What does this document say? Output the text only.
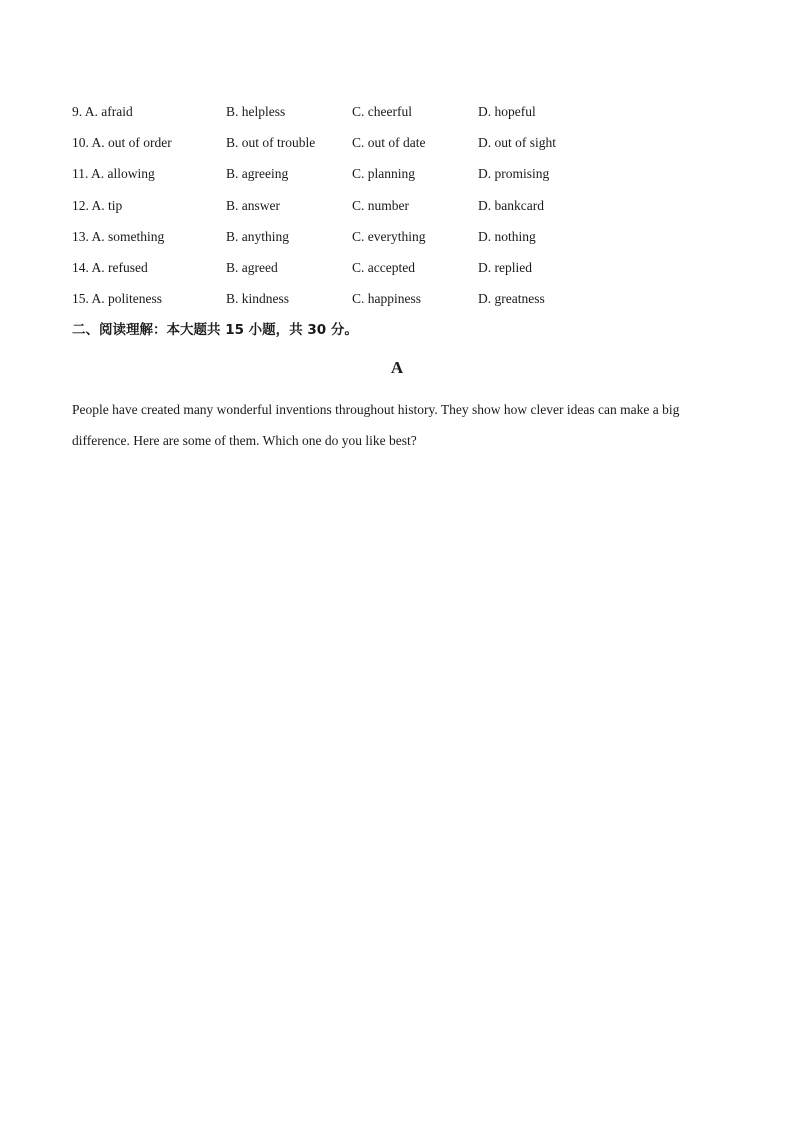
9. A. afraid	B. helpless	C. cheerful	D. hopeful
10. A. out of order	B. out of trouble	C. out of date	D. out of sight
11. A. allowing	B. agreeing	C. planning	D. promising
12. A. tip	B. answer	C. number	D. bankcard
13. A. something	B. anything	C. everything	D. nothing
14. A. refused	B. agreed	C. accepted	D. replied
15. A. politeness	B. kindness	C. happiness	D. greatness
二、阅读理解：本大题共 15 小题，共 30 分。
A

People have created many wonderful inventions throughout history. They show how clever ideas can make a big difference. Here are some of them. Which one do you like best?
